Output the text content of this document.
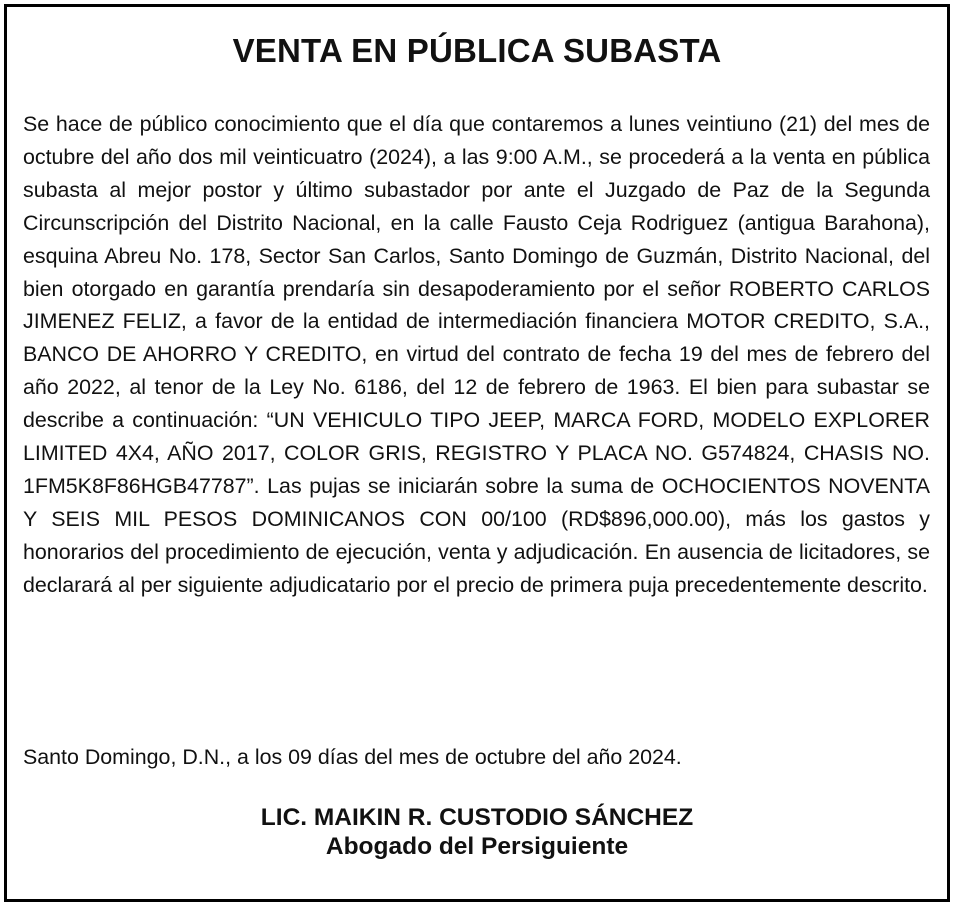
VENTA EN PÚBLICA SUBASTA

Se hace de público conocimiento que el día que contaremos a lunes veintiuno (21) del mes de octubre del año dos mil veinticuatro (2024), a las 9:00 A.M., se procederá a la venta en pública subasta al mejor postor y último subastador por ante el Juzgado de Paz de la Segunda Circunscripción del Distrito Nacional, en la calle Fausto Ceja Rodriguez (antigua Barahona), esquina Abreu No. 178, Sector San Carlos, Santo Domingo de Guzmán, Distrito Nacional, del bien otorgado en garantía prendaría sin desapoderamiento por el señor ROBERTO CARLOS JIMENEZ FELIZ, a favor de la entidad de intermediación financiera MOTOR CREDITO, S.A., BANCO DE AHORRO Y CREDITO, en virtud del contrato de fecha 19 del mes de febrero del año 2022, al tenor de la Ley No. 6186, del 12 de febrero de 1963. El bien para subastar se describe a continuación: “UN VEHICULO TIPO JEEP, MARCA FORD, MODELO EXPLORER LIMITED 4X4, AÑO 2017, COLOR GRIS, REGISTRO Y PLACA NO. G574824, CHASIS NO. 1FM5K8F86HGB47787”. Las pujas se iniciarán sobre la suma de OCHOCIENTOS NOVENTA Y SEIS MIL PESOS DOMINICANOS CON 00/100 (RD$896,000.00), más los gastos y honorarios del procedimiento de ejecución, venta y adjudicación. En ausencia de licitadores, se declarará al per siguiente adjudicatario por el precio de primera puja precedentemente descrito.

Santo Domingo, D.N., a los 09 días del mes de octubre del año 2024.

LIC. MAIKIN R. CUSTODIO SÁNCHEZ
Abogado del Persiguiente
